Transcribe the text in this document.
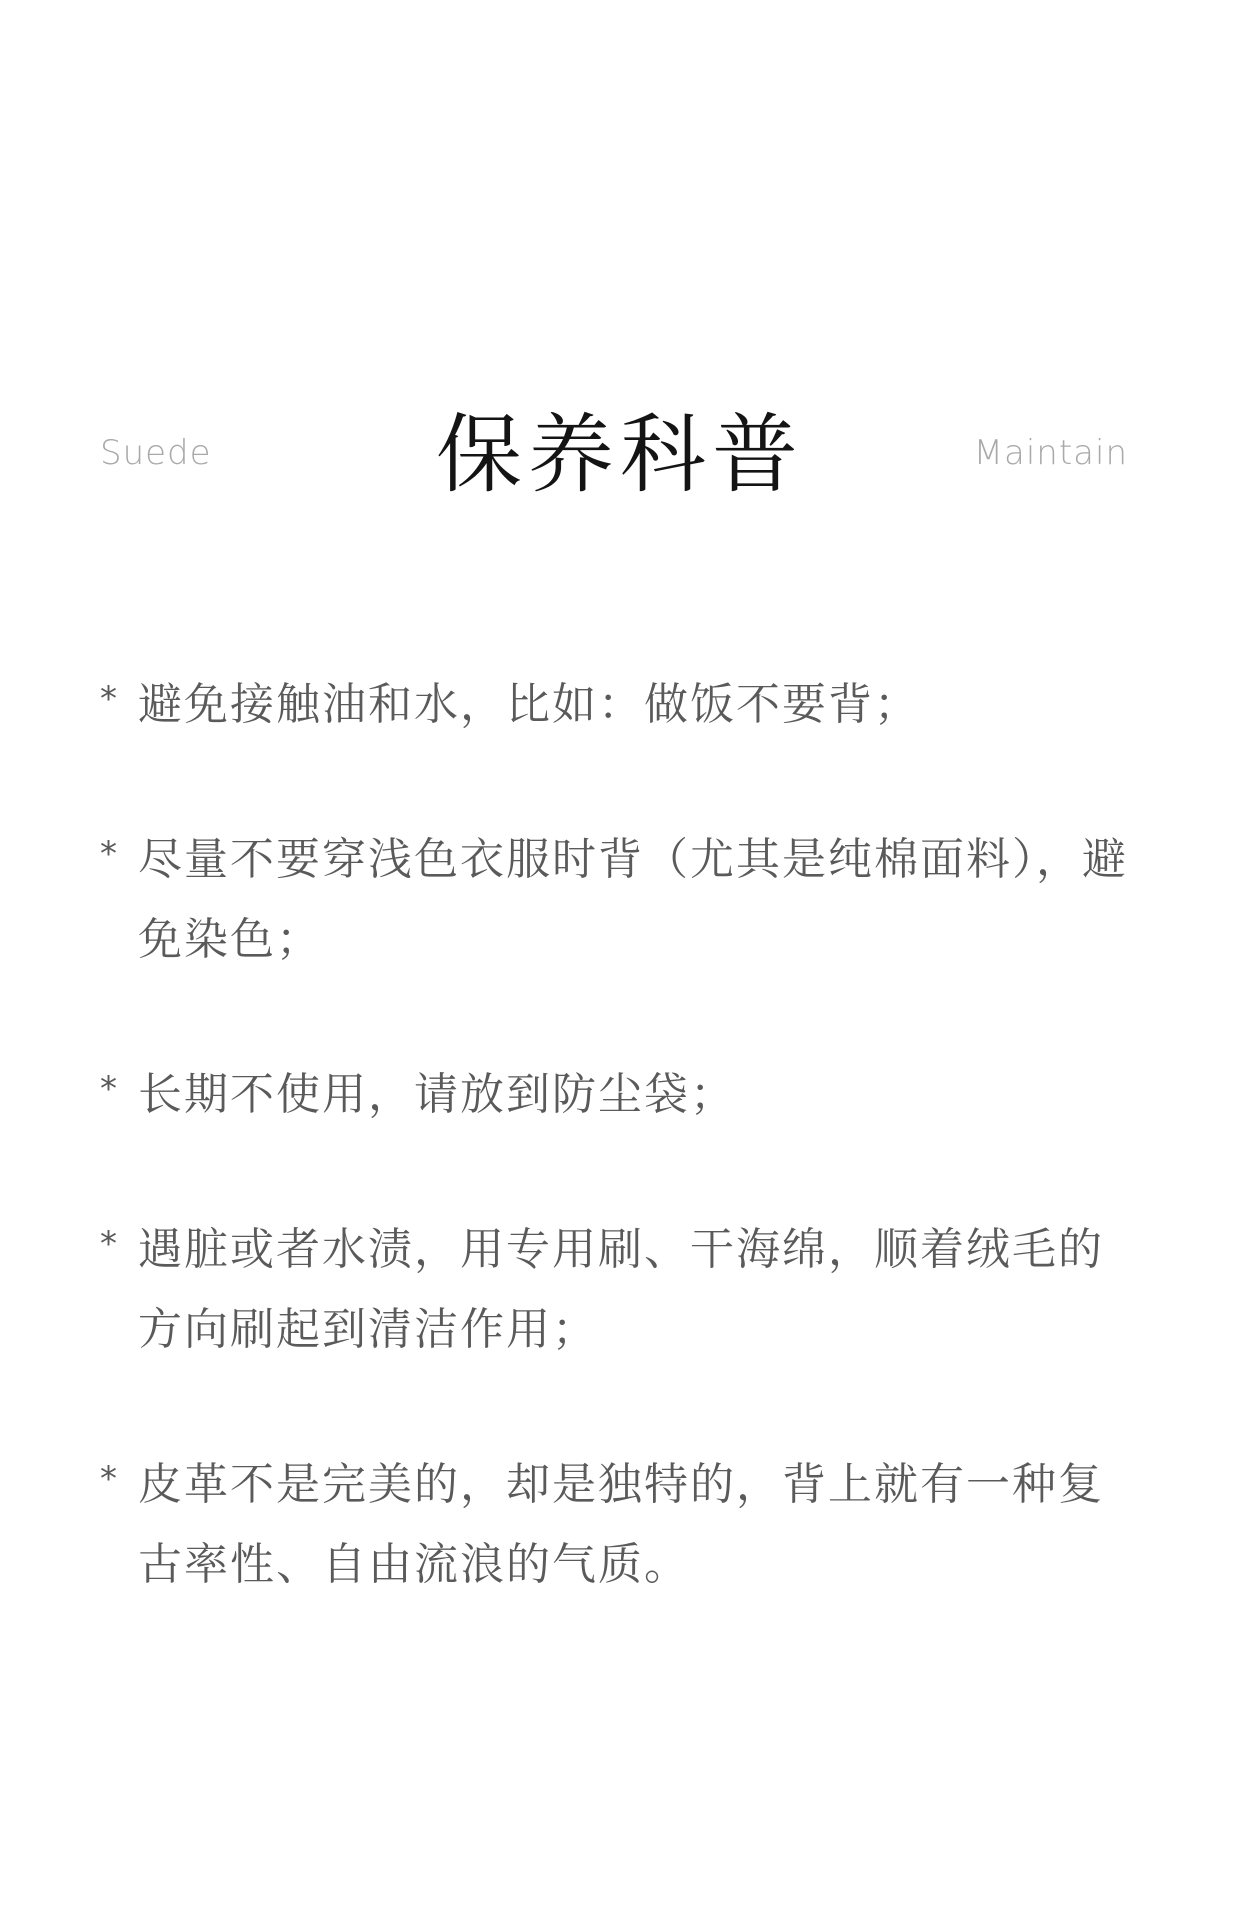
Suede	保养科普	Maintain
* 避免接触油和水，比如：做饭不要背；
* 尽量不要穿浅色衣服时背（尤其是纯棉面料），避免染色；
* 长期不使用，请放到防尘袋；
* 遇脏或者水渍，用专用刷、干海绵，顺着绒毛的方向刷起到清洁作用；
* 皮革不是完美的，却是独特的，背上就有一种复古率性、自由流浪的气质。
